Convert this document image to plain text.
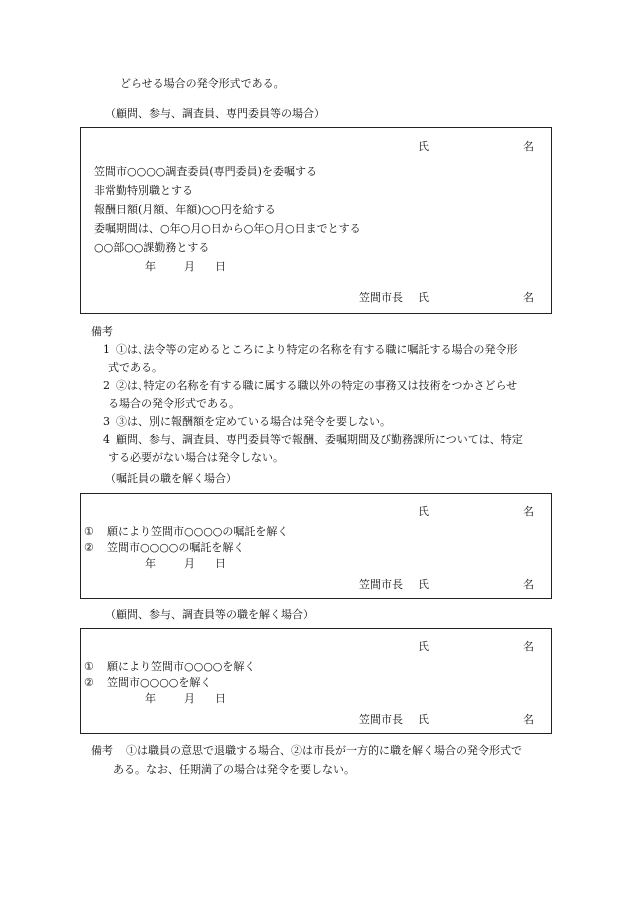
どらせる場合の発令形式である。
（顧問、参与、調査員、専門委員等の場合）
氏	名
笠間市○○○○調査委員(専門委員)を委嘱する
非常勤特別職とする
報酬日額(月額、年額)○○円を給する
委嘱期間は、○年○月○日から○年○月○日までとする
○○部○○課勤務とする
年	月 日
笠間市長 氏	名
備考
1 ①は､法令等の定めるところにより特定の名称を有する職に嘱託する場合の発令形
式である。
2 ②は､特定の名称を有する職に属する職以外の特定の事務又は技術をつかさどらせ
る場合の発令形式である。
3 ③は、別に報酬額を定めている場合は発令を要しない。
4 顧問、参与、調査員、専門委員等で報酬、委嘱期間及び勤務課所については、特定
する必要がない場合は発令しない。
（嘱託員の職を解く場合）
氏	名
① 願により笠間市○○○○の嘱託を解く
② 笠間市○○○○の嘱託を解く
年	月 日
笠間市長 氏	名
（顧問、参与、調査員等の職を解く場合）
氏	名
① 願により笠間市○○○○を解く
② 笠間市○○○○を解く
年	月 日
笠間市長 氏	名
備考 ①は職員の意思で退職する場合、②は市長が一方的に職を解く場合の発令形式で
ある。なお、任期満了の場合は発令を要しない。
